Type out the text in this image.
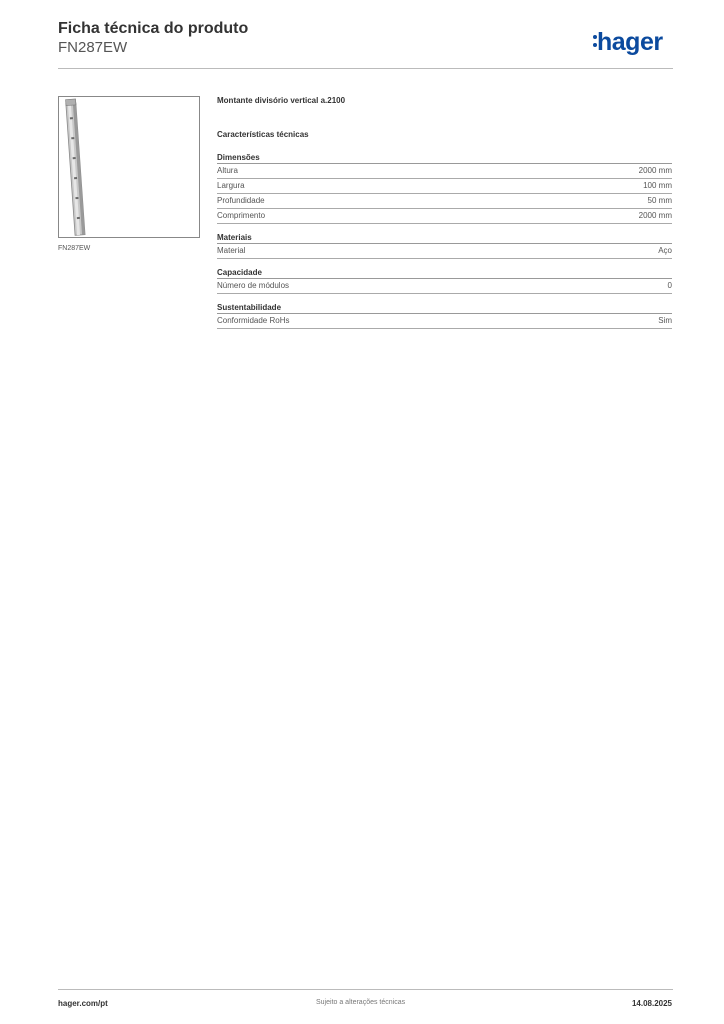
Ficha técnica do produto
FN287EW	hager
FN287EW
Montante divisório vertical a.2100
Características técnicas
Dimensões
Altura	2000 mm
Largura	100 mm
Profundidade	50 mm
Comprimento	2000 mm
Materiais
Material	Aço
Capacidade
Número de módulos	0
Sustentabilidade
Conformidade RoHs	Sim
hager.com/pt	Sujeito a alterações técnicas	14.08.2025
